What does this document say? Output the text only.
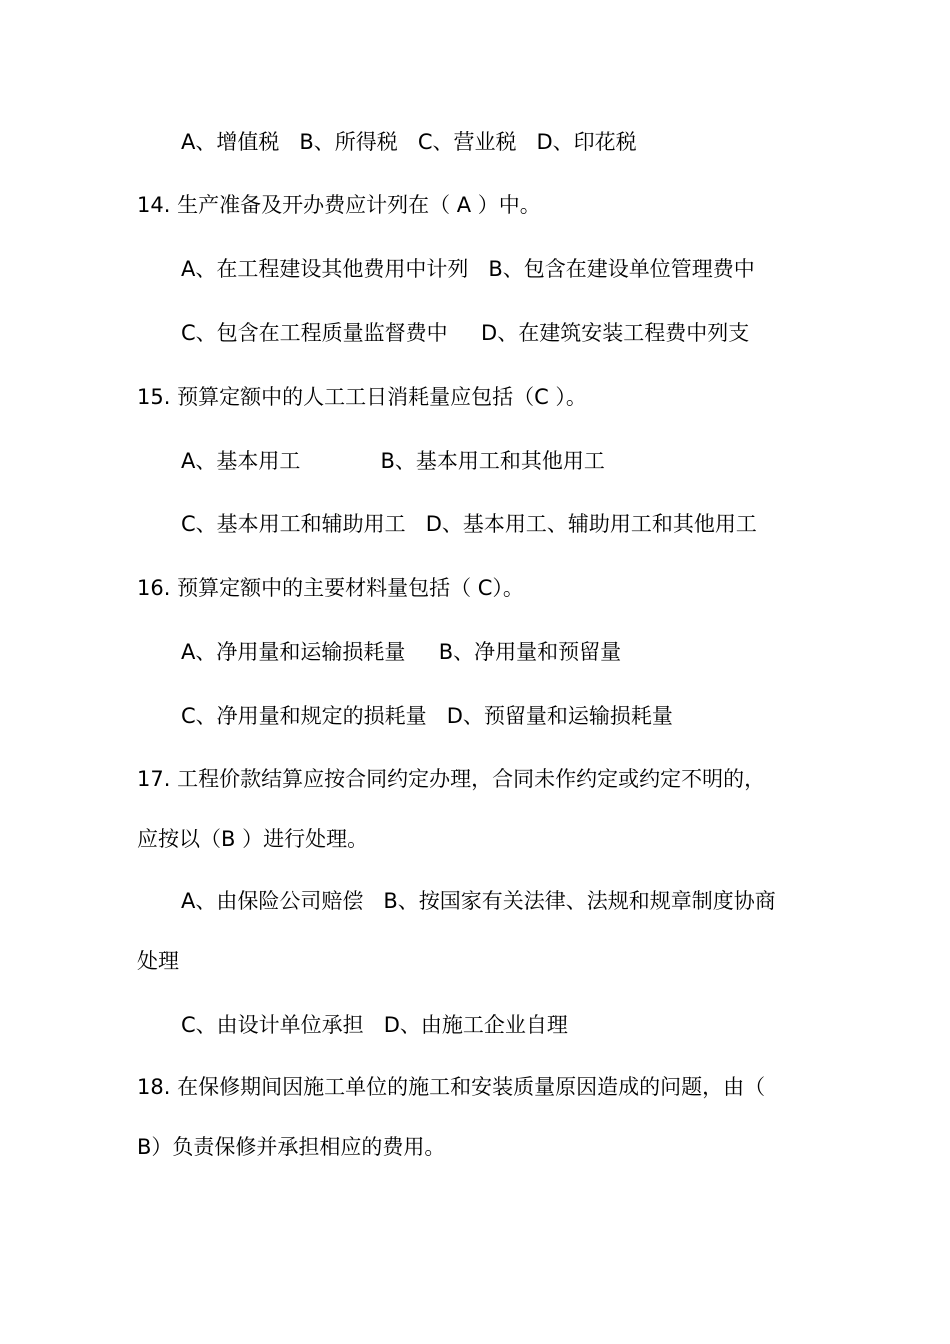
A、增值税   B、所得税   C、营业税   D、印花税
14. 生产准备及开办费应计列在（ A ）中。
A、在工程建设其他费用中计列   B、包含在建设单位管理费中
C、包含在工程质量监督费中     D、在建筑安装工程费中列支
15. 预算定额中的人工工日消耗量应包括（C ）。
A、基本用工            B、基本用工和其他用工
C、基本用工和辅助用工   D、基本用工、辅助用工和其他用工
16. 预算定额中的主要材料量包括（ C）。
A、净用量和运输损耗量     B、净用量和预留量
C、净用量和规定的损耗量   D、预留量和运输损耗量
17. 工程价款结算应按合同约定办理，合同未作约定或约定不明的，
应按以（B ）进行处理。
A、由保险公司赔偿   B、按国家有关法律、法规和规章制度协商
处理
C、由设计单位承担   D、由施工企业自理
18. 在保修期间因施工单位的施工和安装质量原因造成的问题，由（
B）负责保修并承担相应的费用。
